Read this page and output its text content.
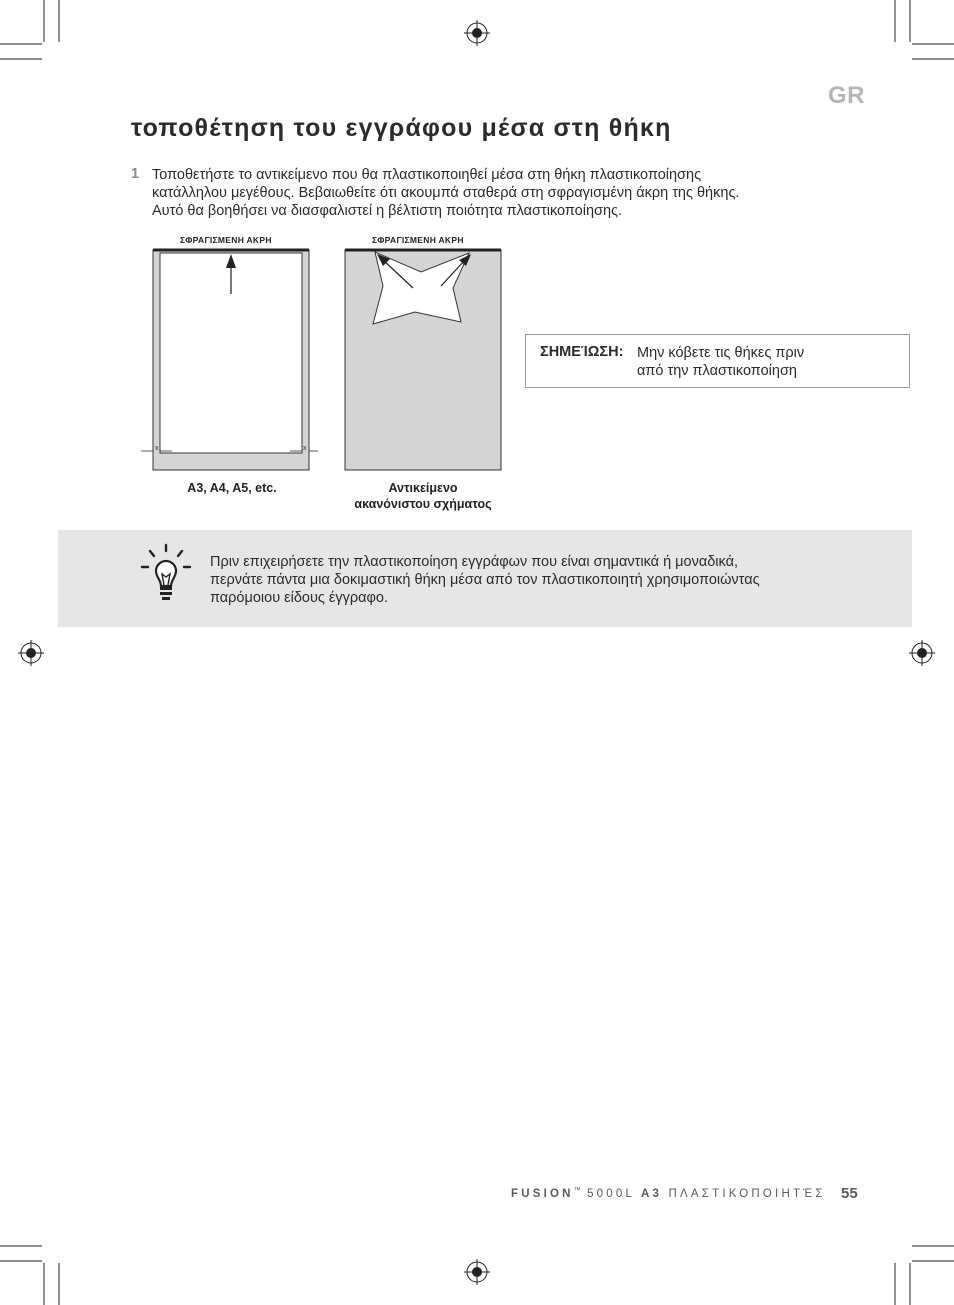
GR
τοποθέτηση του εγγράφου μέσα στη θήκη
1 Τοποθετήστε το αντικείμενο που θα πλαστικοποιηθεί μέσα στη θήκη πλαστικοποίησης
κατάλληλου μεγέθους. Βεβαιωθείτε ότι ακουμπά σταθερά στη σφραγισμένη άκρη της θήκης.
Αυτό θα βοηθήσει να διασφαλιστεί η βέλτιστη ποιότητα πλαστικοποίησης.
ΣΦΡΑΓΙΣΜΕΝΗ ΑΚΡΗ
x	x
A3, A4, A5, etc.
ΣΦΡΑΓΙΣΜΕΝΗ ΑΚΡΗ
Αντικείμενο
ακανόνιστου σχήματος
ΣΗΜΕΊΩΣΗ: Μην κόβετε τις θήκες πριν
από την πλαστικοποίηση
Πριν επιχειρήσετε την πλαστικοποίηση εγγράφων που είναι σημαντικά ή μοναδικά,
περνάτε πάντα μια δοκιμαστική θήκη μέσα από τον πλαστικοποιητή χρησιμοποιώντας
παρόμοιου είδους έγγραφο.
FUSION™ 5000L A3 ΠΛΑΣΤΙΚΟΠΟΙΗΤΈΣ 55
